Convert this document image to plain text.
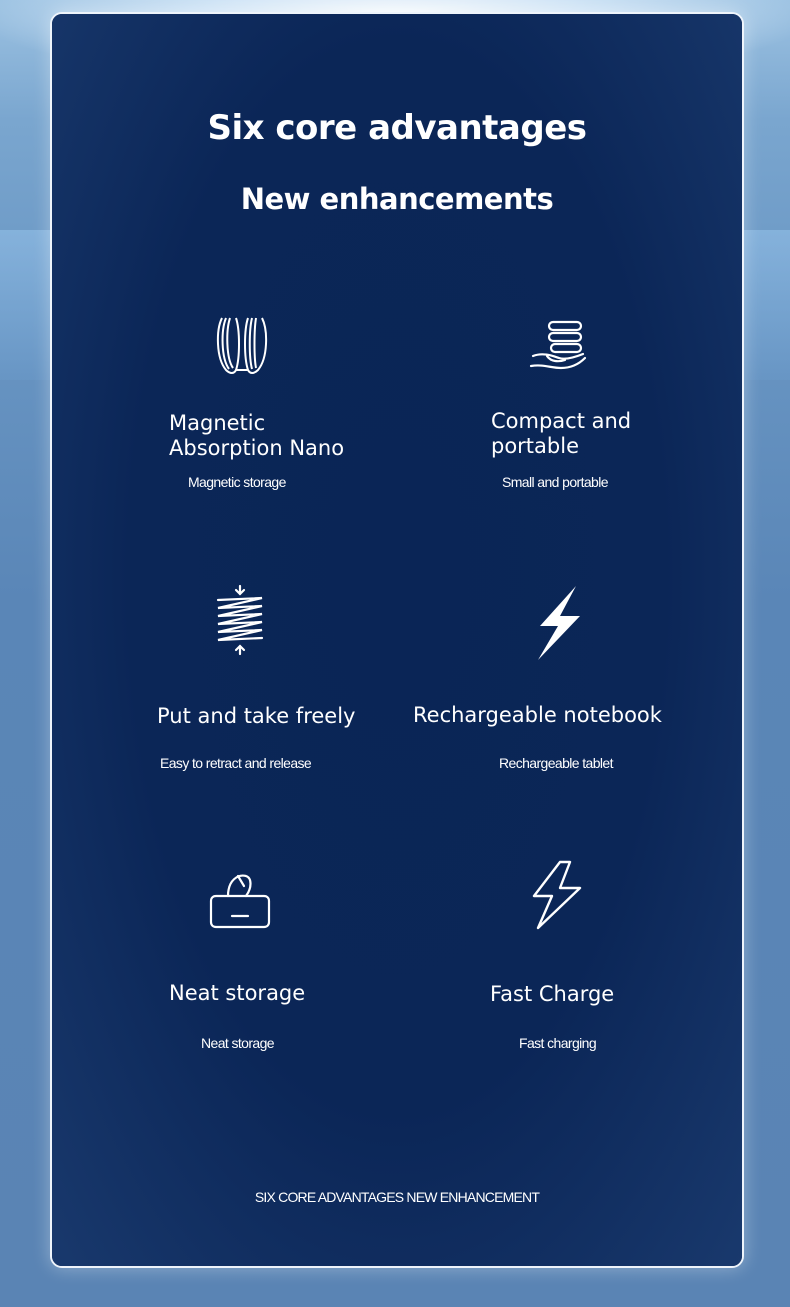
Six core advantages
New enhancements
Magnetic
Absorption Nano
Magnetic storage
Compact and
portable
Small and portable
Put and take freely
Easy to retract and release
Rechargeable notebook
Rechargeable tablet
Neat storage
Neat storage
Fast Charge
Fast charging
SIX CORE ADVANTAGES NEW ENHANCEMENT
